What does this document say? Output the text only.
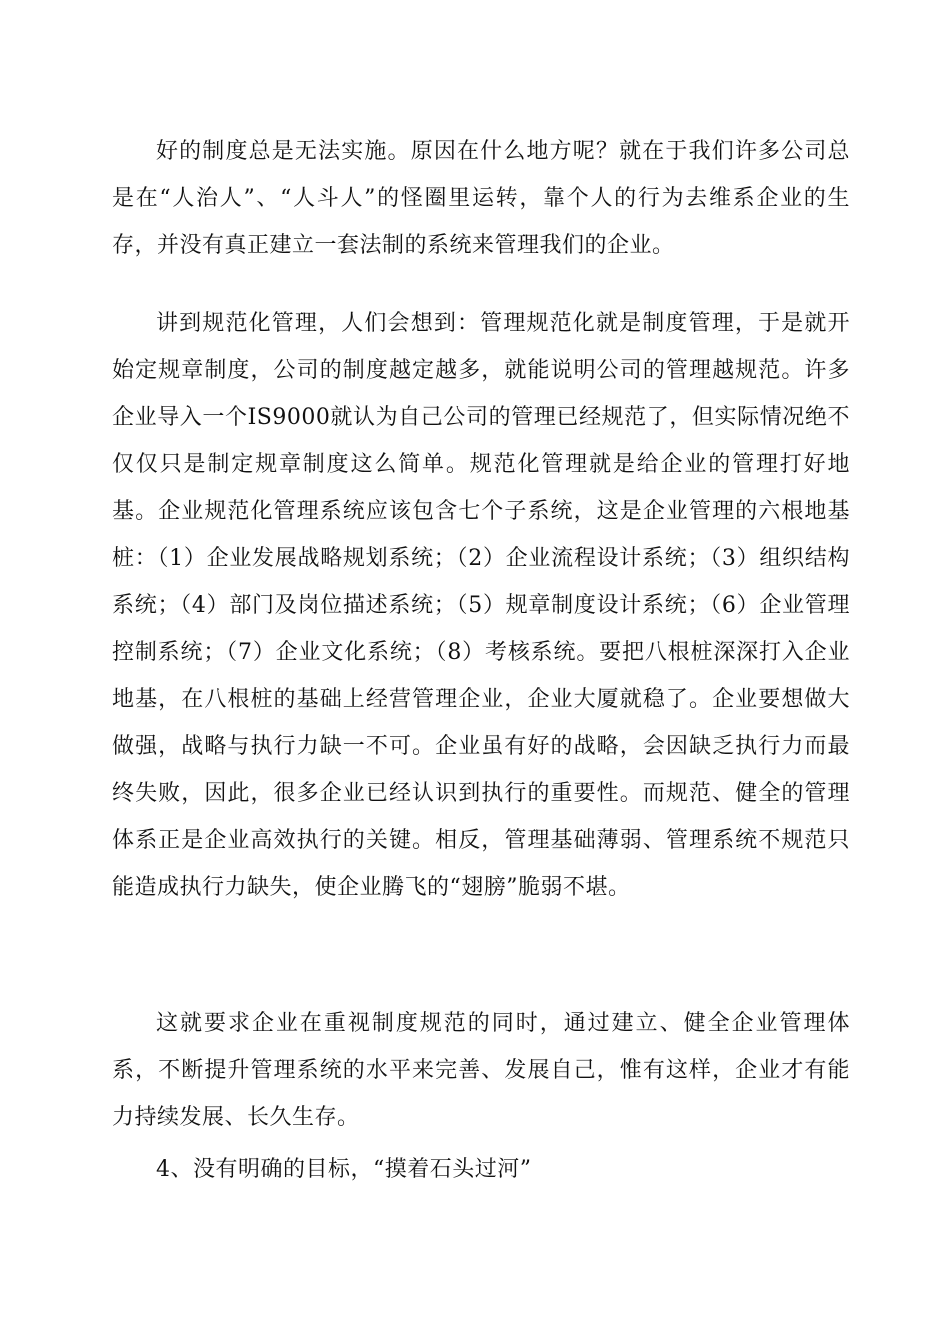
好的制度总是无法实施。原因在什么地方呢？就在于我们许多公司总是在“人治人”、“人斗人”的怪圈里运转，靠个人的行为去维系企业的生存，并没有真正建立一套法制的系统来管理我们的企业。

讲到规范化管理，人们会想到：管理规范化就是制度管理，于是就开始定规章制度，公司的制度越定越多，就能说明公司的管理越规范。许多企业导入一个IS9000就认为自己公司的管理已经规范了，但实际情况绝不仅仅只是制定规章制度这么简单。规范化管理就是给企业的管理打好地基。企业规范化管理系统应该包含七个子系统，这是企业管理的六根地基桩：（1）企业发展战略规划系统；（2）企业流程设计系统；（3）组织结构系统；（4）部门及岗位描述系统；（5）规章制度设计系统；（6）企业管理控制系统；（7）企业文化系统；（8）考核系统。要把八根桩深深打入企业地基，在八根桩的基础上经营管理企业，企业大厦就稳了。企业要想做大做强，战略与执行力缺一不可。企业虽有好的战略，会因缺乏执行力而最终失败，因此，很多企业已经认识到执行的重要性。而规范、健全的管理体系正是企业高效执行的关键。相反，管理基础薄弱、管理系统不规范只能造成执行力缺失，使企业腾飞的“翅膀”脆弱不堪。

这就要求企业在重视制度规范的同时，通过建立、健全企业管理体系，不断提升管理系统的水平来完善、发展自己，惟有这样，企业才有能力持续发展、长久生存。

4、没有明确的目标，“摸着石头过河”
